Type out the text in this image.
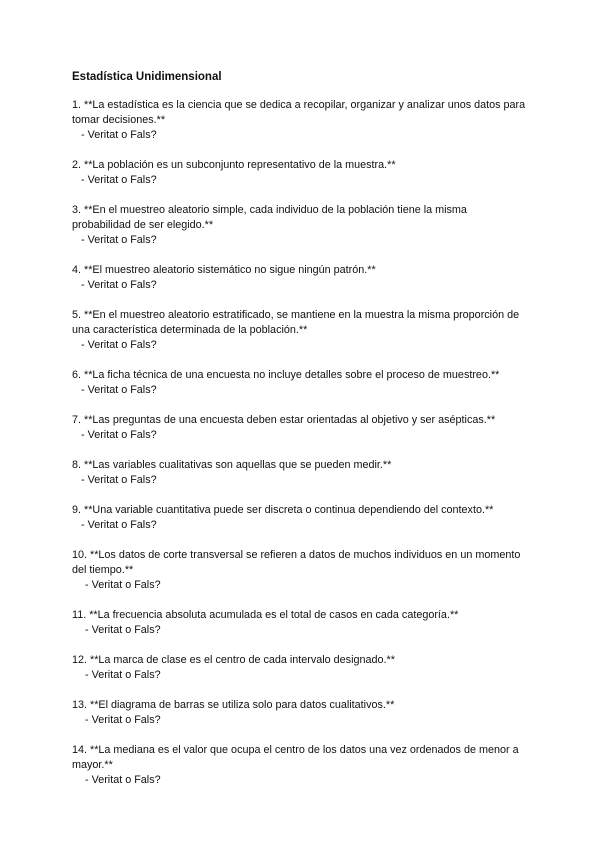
Estadística Unidimensional
1. **La estadística es la ciencia que se dedica a recopilar, organizar y analizar unos datos para tomar decisiones.**
- Veritat o Fals?
2. **La población es un subconjunto representativo de la muestra.**
- Veritat o Fals?
3. **En el muestreo aleatorio simple, cada individuo de la población tiene la misma probabilidad de ser elegido.**
- Veritat o Fals?
4. **El muestreo aleatorio sistemático no sigue ningún patrón.**
- Veritat o Fals?
5. **En el muestreo aleatorio estratificado, se mantiene en la muestra la misma proporción de una característica determinada de la población.**
- Veritat o Fals?
6. **La ficha técnica de una encuesta no incluye detalles sobre el proceso de muestreo.**
- Veritat o Fals?
7. **Las preguntas de una encuesta deben estar orientadas al objetivo y ser asépticas.**
- Veritat o Fals?
8. **Las variables cualitativas son aquellas que se pueden medir.**
- Veritat o Fals?
9. **Una variable cuantitativa puede ser discreta o continua dependiendo del contexto.**
- Veritat o Fals?
10. **Los datos de corte transversal se refieren a datos de muchos individuos en un momento del tiempo.**
- Veritat o Fals?
11. **La frecuencia absoluta acumulada es el total de casos en cada categoría.**
- Veritat o Fals?
12. **La marca de clase es el centro de cada intervalo designado.**
- Veritat o Fals?
13. **El diagrama de barras se utiliza solo para datos cualitativos.**
- Veritat o Fals?
14. **La mediana es el valor que ocupa el centro de los datos una vez ordenados de menor a mayor.**
- Veritat o Fals?
